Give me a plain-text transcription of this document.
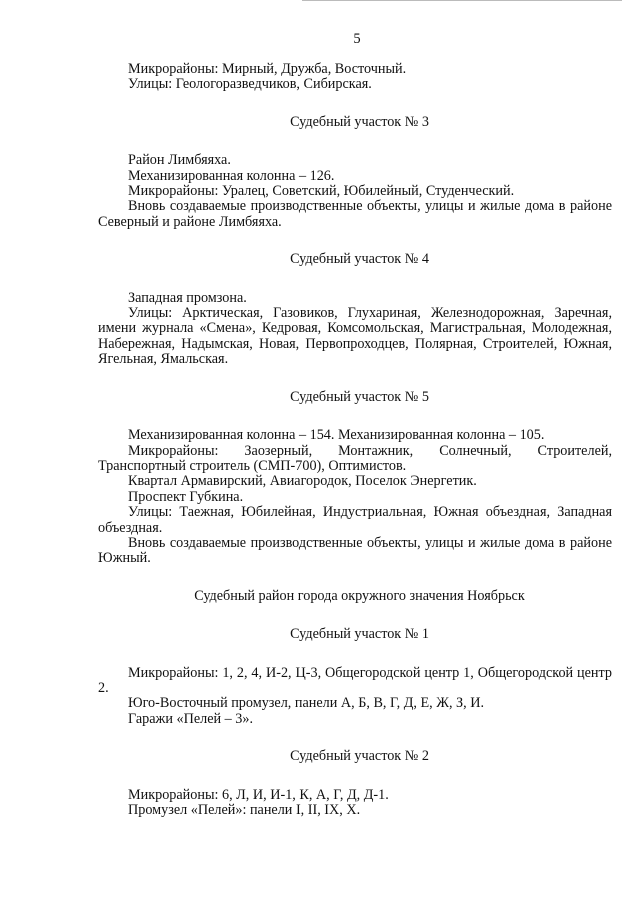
5

Микрорайоны: Мирный, Дружба, Восточный.

Улицы: Геологоразведчиков, Сибирская.

Судебный участок № 3

Район Лимбяяха.

Механизированная колонна – 126.

Микрорайоны: Уралец, Советский, Юбилейный, Студенческий.

Вновь создаваемые производственные объекты, улицы и жилые дома в районе Северный и районе Лимбяяха.

Судебный участок № 4

Западная промзона.

Улицы: Арктическая, Газовиков, Глухариная, Железнодорожная, Заречная, имени журнала «Смена», Кедровая, Комсомольская, Магистральная, Молодежная, Набережная, Надымская, Новая, Первопроходцев, Полярная, Строителей, Южная, Ягельная, Ямальская.

Судебный участок № 5

Механизированная колонна – 154. Механизированная колонна – 105.

Микрорайоны: Заозерный, Монтажник, Солнечный, Строителей, Транспортный строитель (СМП-700), Оптимистов.

Квартал Армавирский, Авиагородок, Поселок Энергетик.

Проспект Губкина.

Улицы: Таежная, Юбилейная, Индустриальная, Южная объездная, Западная объездная.

Вновь создаваемые производственные объекты, улицы и жилые дома в районе Южный.

Судебный район города окружного значения Ноябрьск

Судебный участок № 1

Микрорайоны: 1, 2, 4, И-2, Ц-3, Общегородской центр 1, Общегородской центр 2.

Юго-Восточный промузел, панели А, Б, В, Г, Д, Е, Ж, З, И.

Гаражи «Пелей – 3».

Судебный участок № 2

Микрорайоны: 6, Л, И, И-1, К, А, Г, Д, Д-1.

Промузел «Пелей»: панели I, II, IX, X.
